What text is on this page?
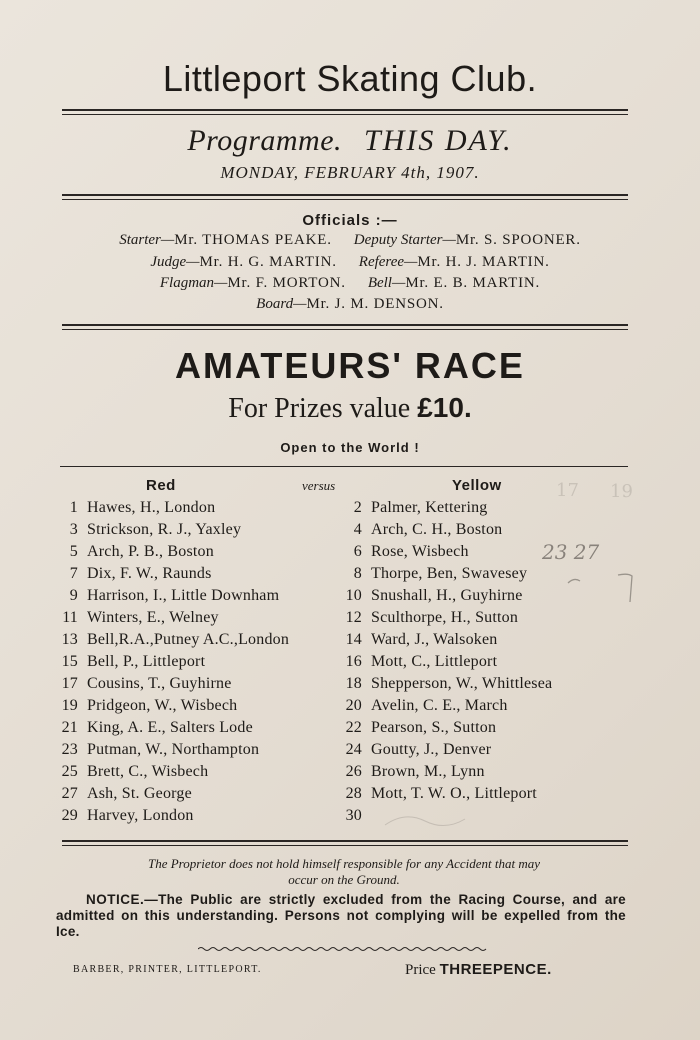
Littleport Skating Club.
Programme. THIS DAY.
MONDAY, FEBRUARY 4th, 1907.
Officials :—
Starter—Mr. THOMAS PEAKE. Deputy Starter—Mr. S. SPOONER.
Judge—Mr. H. G. MARTIN. Referee—Mr. H. J. MARTIN.
Flagman—Mr. F. MORTON. Bell—Mr. E. B. MARTIN.
Board—Mr. J. M. DENSON.
AMATEURS' RACE
For Prizes value £10.
Open to the World !
Red	versus	Yellow
1 Hawes, H., London	2 Palmer, Kettering
3 Strickson, R. J., Yaxley	4 Arch, C. H., Boston
5 Arch, P. B., Boston	6 Rose, Wisbech
7 Dix, F. W., Raunds	8 Thorpe, Ben, Swavesey
9 Harrison, I., Little Downham	10 Snushall, H., Guyhirne
11 Winters, E., Welney	12 Sculthorpe, H., Sutton
13 Bell,R.A.,Putney A.C.,London	14 Ward, J., Walsoken
15 Bell, P., Littleport	16 Mott, C., Littleport
17 Cousins, T., Guyhirne	18 Shepperson, W., Whittlesea
19 Pridgeon, W., Wisbech	20 Avelin, C. E., March
21 King, A. E., Salters Lode	22 Pearson, S., Sutton
23 Putman, W., Northampton	24 Goutty, J., Denver
25 Brett, C., Wisbech	26 Brown, M., Lynn
27 Ash, St. George	28 Mott, T. W. O., Littleport
29 Harvey, London	30
The Proprietor does not hold himself responsible for any Accident that may
occur on the Ground.
NOTICE.—The Public are strictly excluded from the Racing Course, and are admitted on this understanding. Persons not complying will be expelled from the Ice.
BARBER, PRINTER, LITTLEPORT.	Price THREEPENCE.
23 27
17 19
